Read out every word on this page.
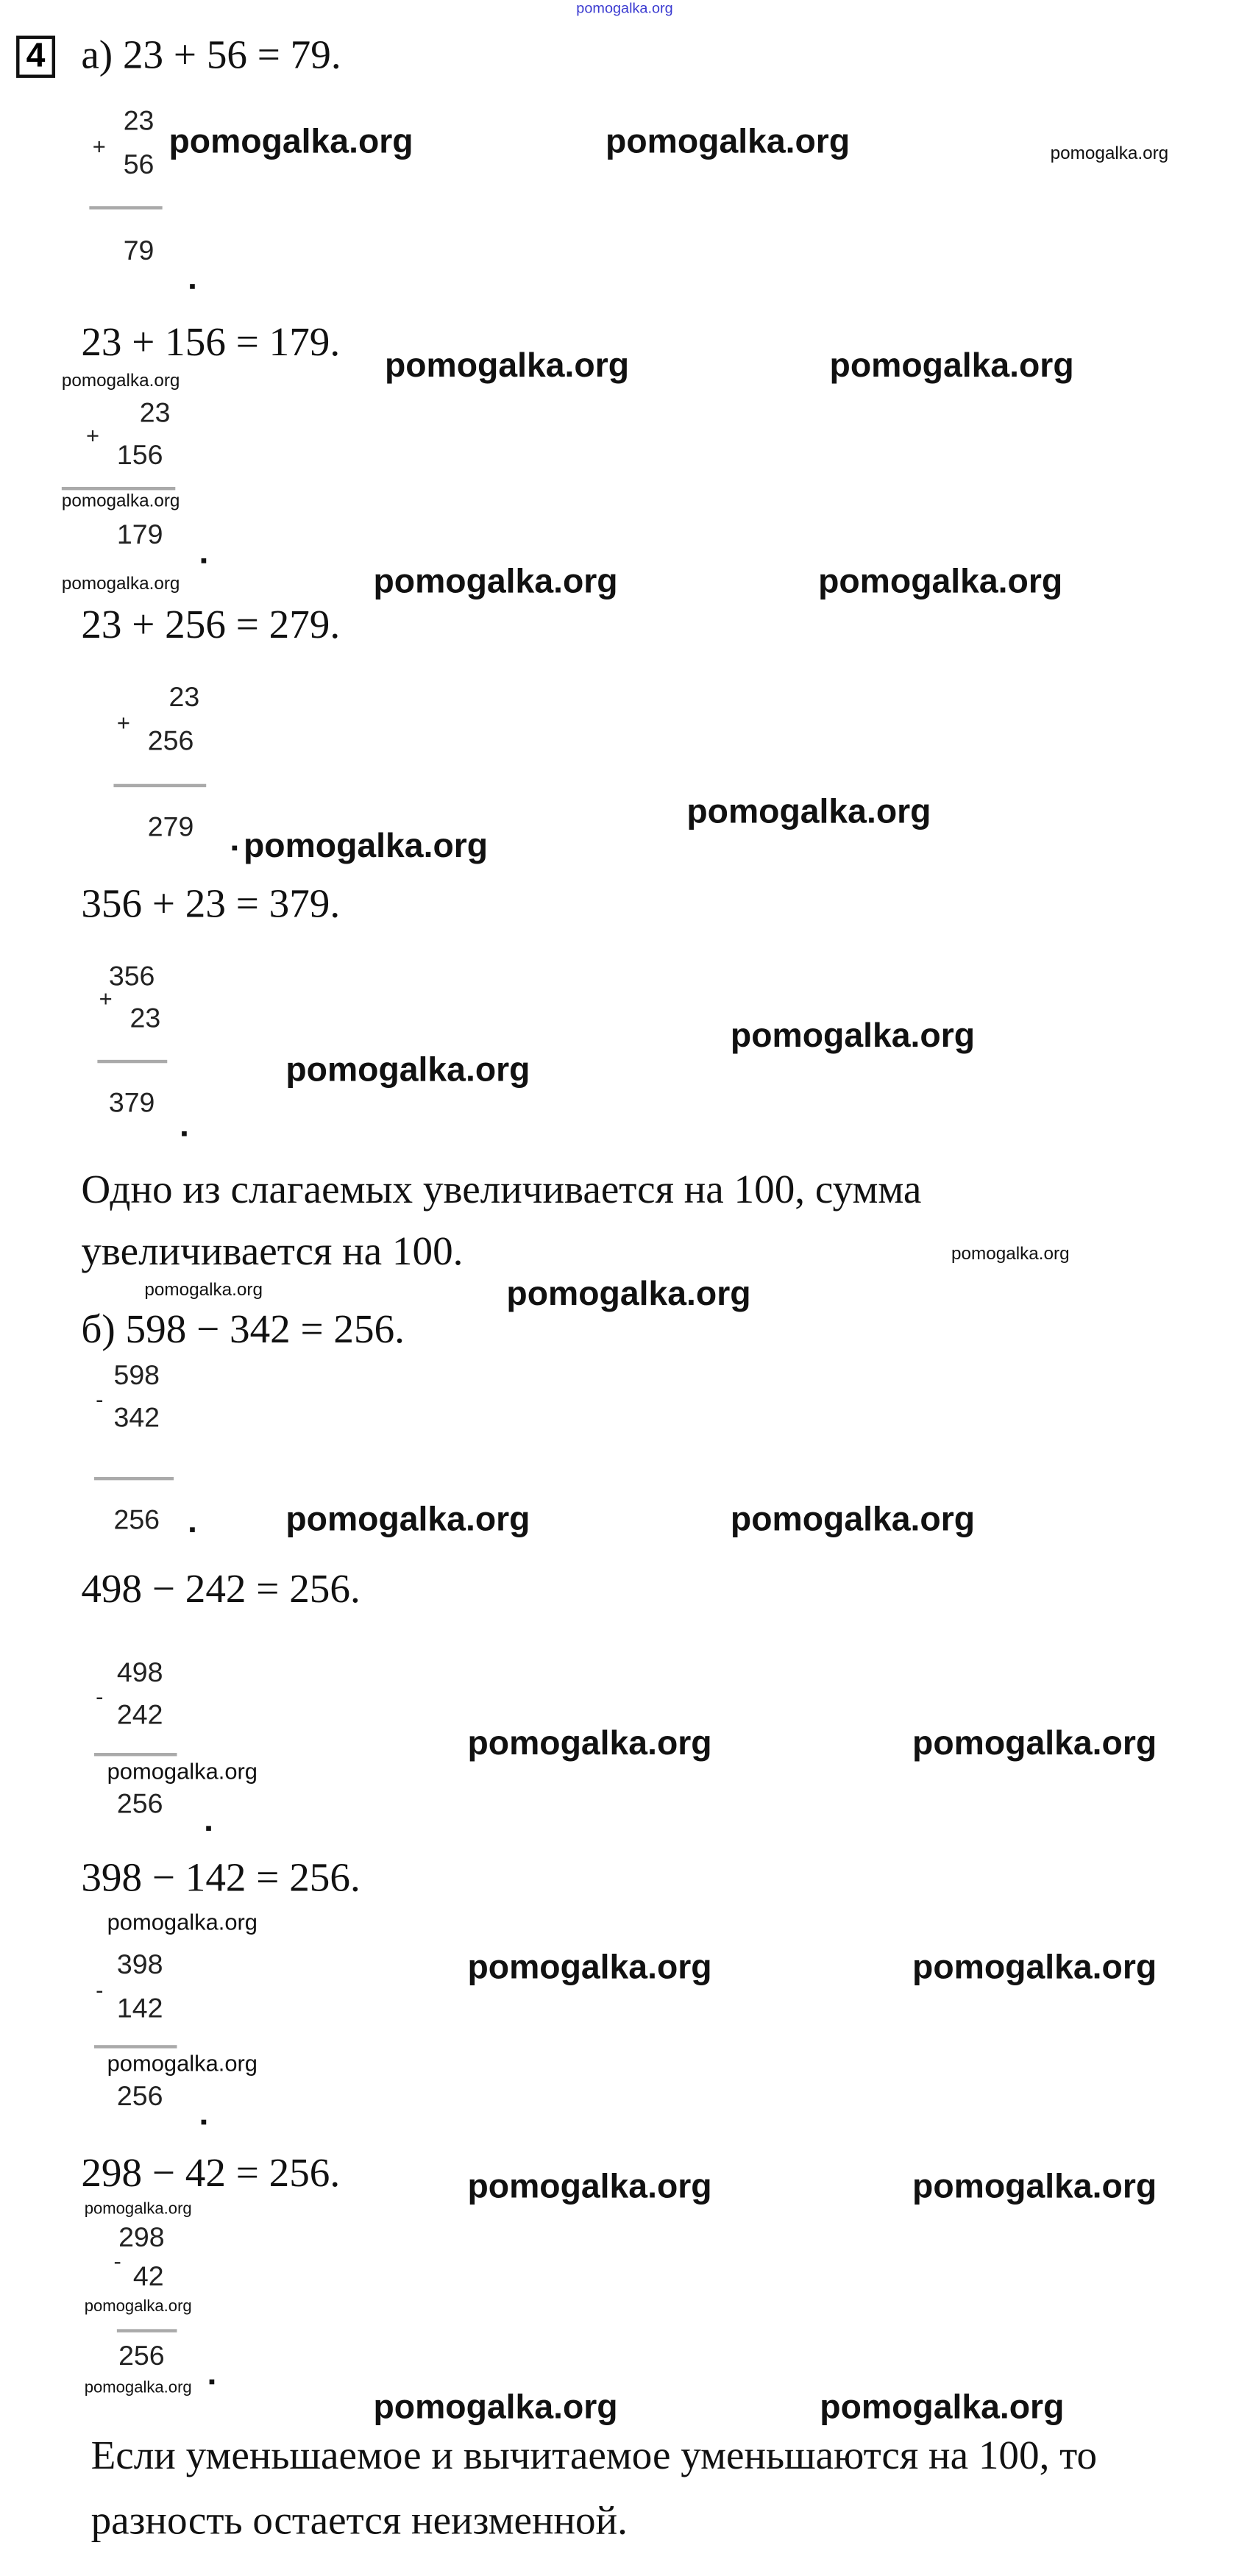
pomogalka.org
4	а) 23 + 56 = 79.
23
+
56
79
pomogalka.org	pomogalka.org	pomogalka.org
23 + 156 = 179.
pomogalka.org	pomogalka.org	pomogalka.org
23
+
156
pomogalka.org
179
pomogalka.org	pomogalka.org	pomogalka.org
23 + 256 = 279.
23
+
256
279
pomogalka.org
pomogalka.org
356 + 23 = 379.
356
+
23
379
pomogalka.org
pomogalka.org
Одно из слагаемых увеличивается на 100, сумма
увеличивается на 100.	pomogalka.org
pomogalka.org	pomogalka.org
б) 598 − 342 = 256.
598
-
342
256	pomogalka.org	pomogalka.org
498 − 242 = 256.
498
-
242
pomogalka.org
256
pomogalka.org	pomogalka.org
398 − 142 = 256.
pomogalka.org
398
-
142
pomogalka.org
256
pomogalka.org	pomogalka.org
298 − 42 = 256.	pomogalka.org	pomogalka.org
pomogalka.org
298
- 42
pomogalka.org
256
pomogalka.org
pomogalka.org	pomogalka.org
Если уменьшаемое и вычитаемое уменьшаются на 100, то
разность остается неизменной.
